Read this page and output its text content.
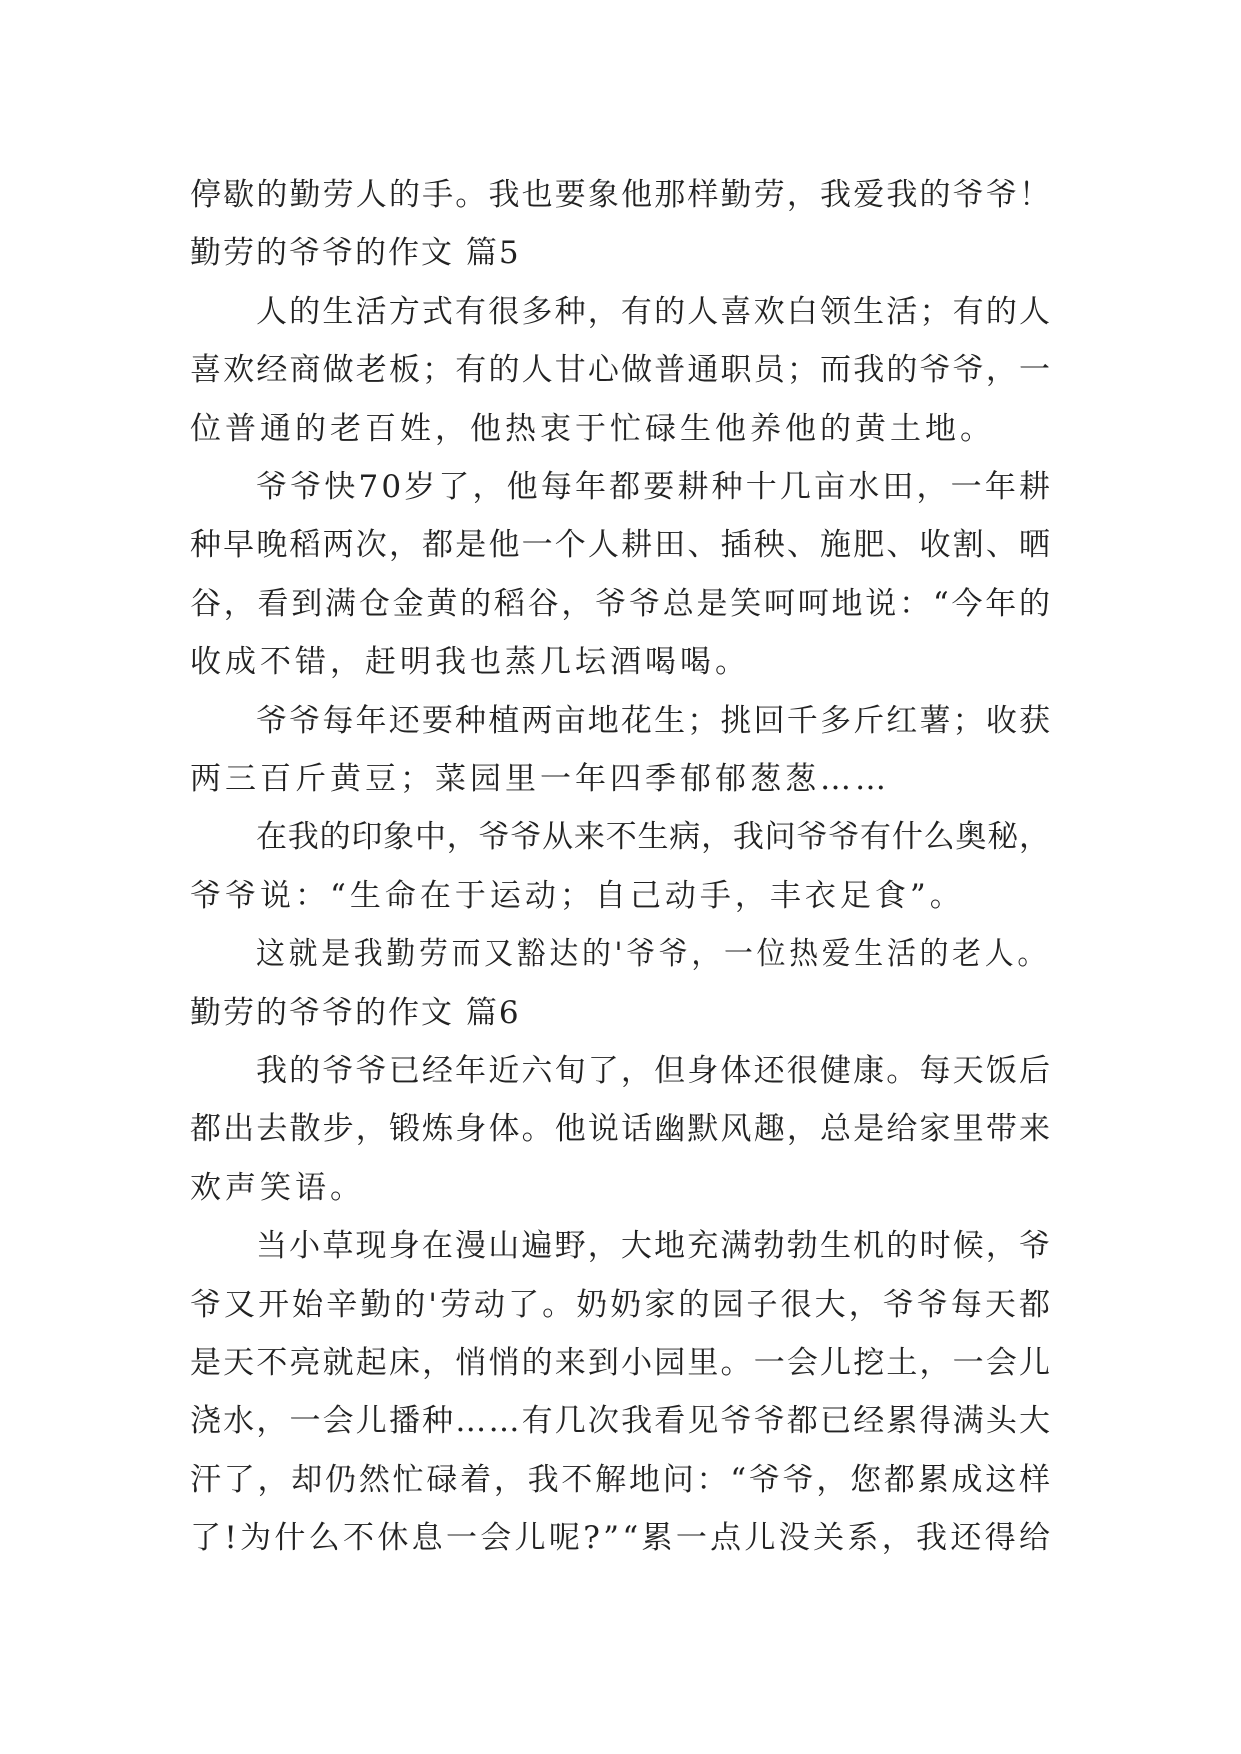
停歇的勤劳人的手。我也要象他那样勤劳，我爱我的爷爷！
勤劳的爷爷的作文 篇5
人的生活方式有很多种，有的人喜欢白领生活；有的人
喜欢经商做老板；有的人甘心做普通职员；而我的爷爷，一
位普通的老百姓，他热衷于忙碌生他养他的黄土地。
爷爷快70岁了，他每年都要耕种十几亩水田，一年耕
种早晚稻两次，都是他一个人耕田、插秧、施肥、收割、晒
谷，看到满仓金黄的稻谷，爷爷总是笑呵呵地说：“今年的
收成不错，赶明我也蒸几坛酒喝喝。
爷爷每年还要种植两亩地花生；挑回千多斤红薯；收获
两三百斤黄豆；菜园里一年四季郁郁葱葱……
在我的印象中，爷爷从来不生病，我问爷爷有什么奥秘，
爷爷说：“生命在于运动；自己动手，丰衣足食”。
这就是我勤劳而又豁达的'爷爷，一位热爱生活的老人。
勤劳的爷爷的作文 篇6
我的爷爷已经年近六旬了，但身体还很健康。每天饭后
都出去散步，锻炼身体。他说话幽默风趣，总是给家里带来
欢声笑语。
当小草现身在漫山遍野，大地充满勃勃生机的时候，爷
爷又开始辛勤的'劳动了。奶奶家的园子很大，爷爷每天都
是天不亮就起床，悄悄的来到小园里。一会儿挖土，一会儿
浇水，一会儿播种……有几次我看见爷爷都已经累得满头大
汗了，却仍然忙碌着，我不解地问：“爷爷，您都累成这样
了!为什么不休息一会儿呢?”“累一点儿没关系，我还得给
